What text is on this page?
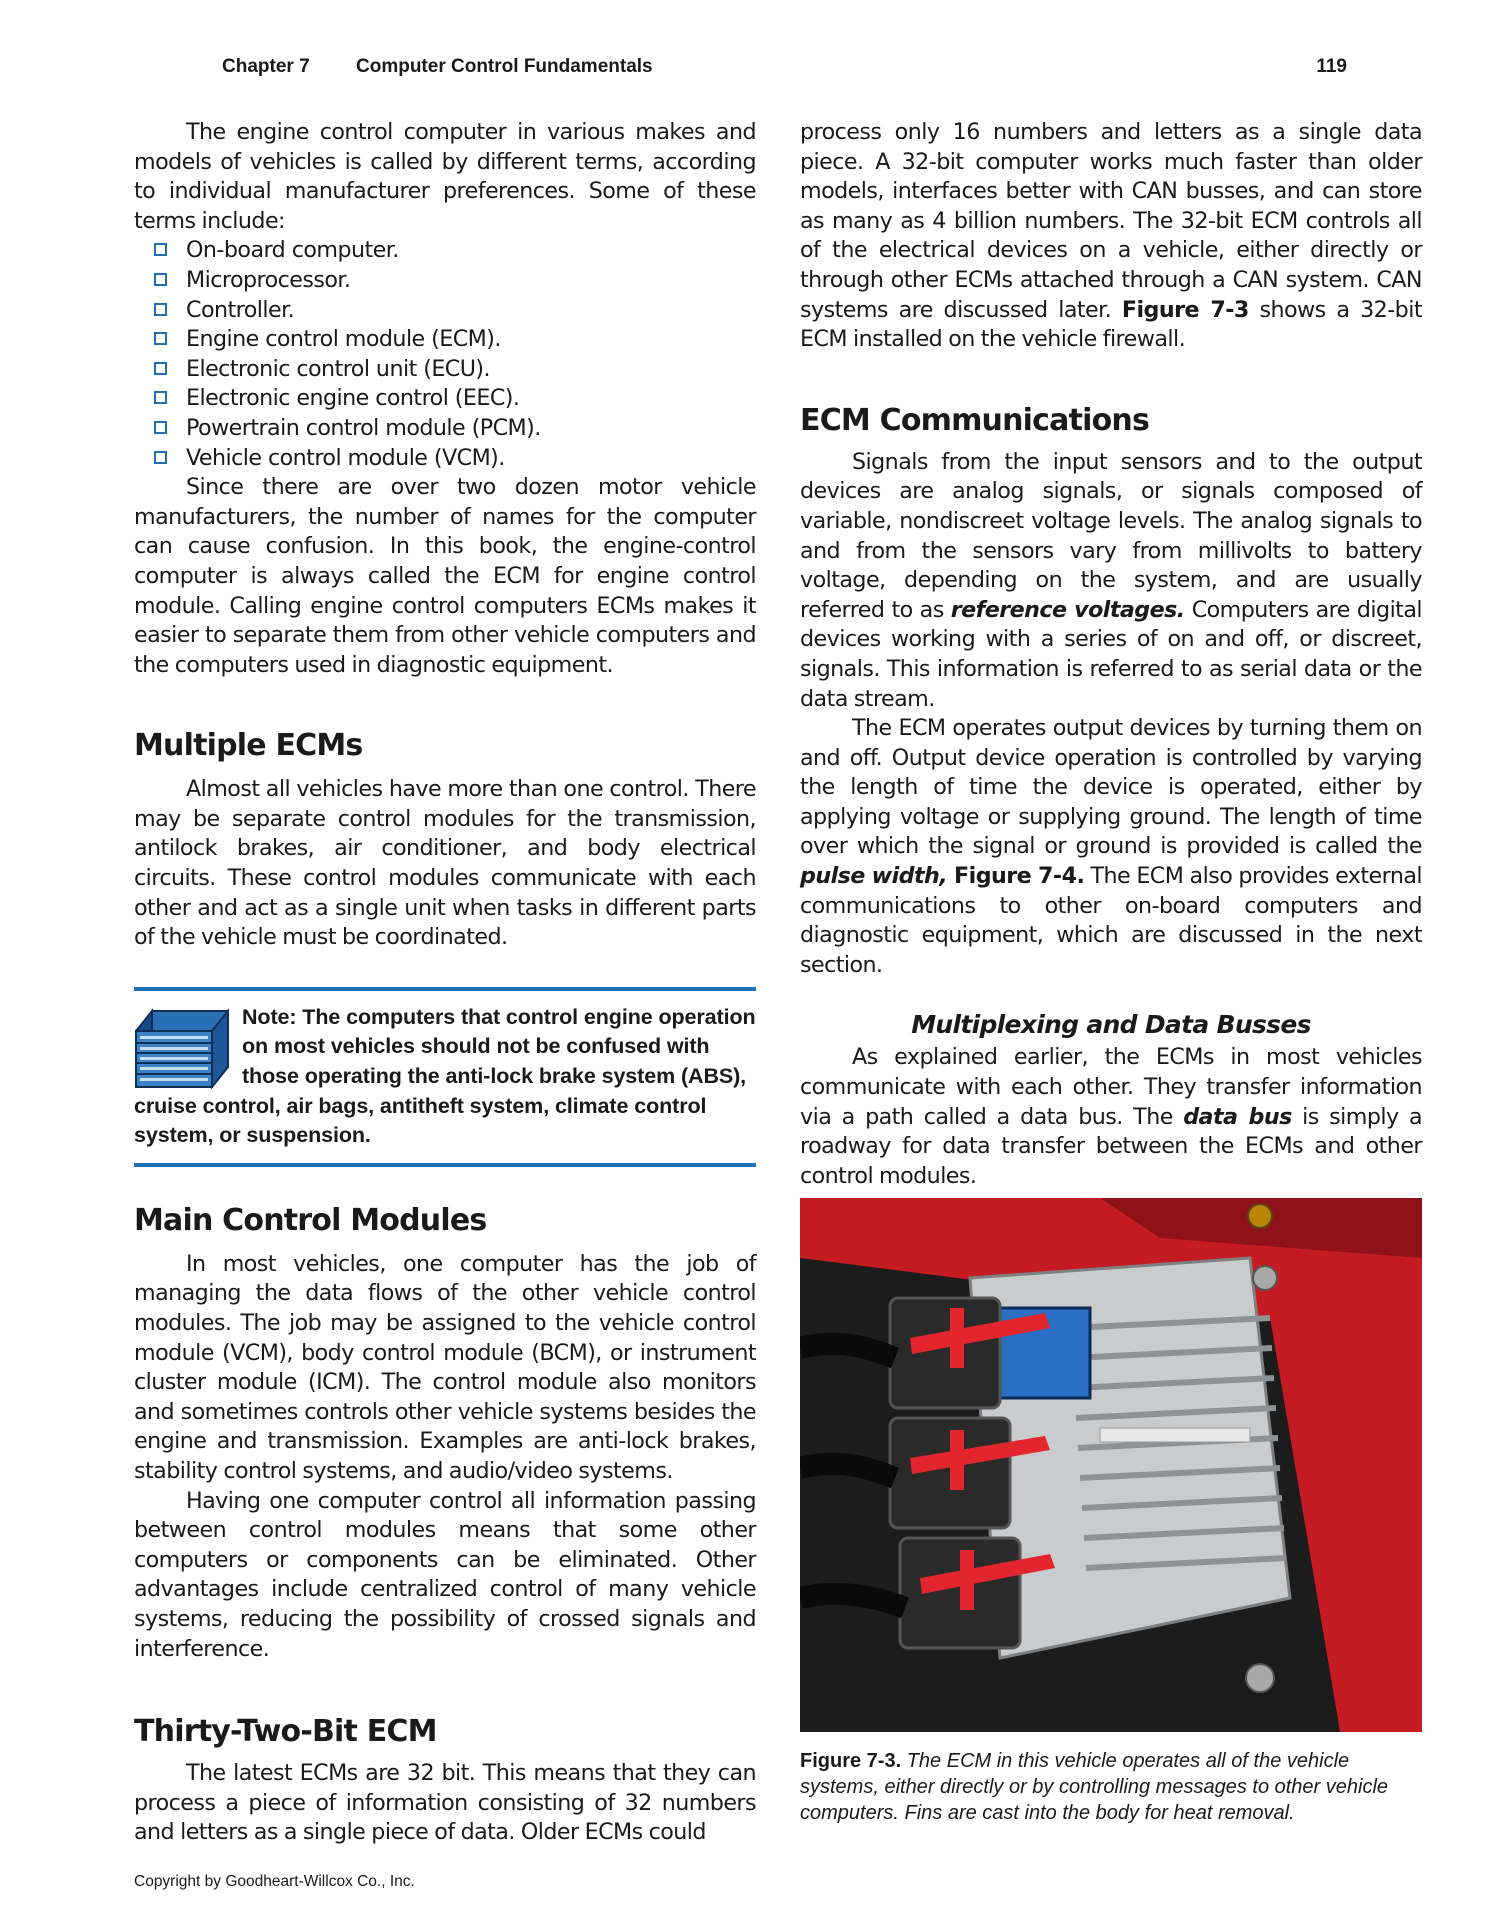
Chapter 7 Computer Control Fundamentals	119

The engine control computer in various makes and models of vehicles is called by different terms, according to individual manufacturer preferences. Some of these terms include:

On-board computer.
Microprocessor.
Controller.
Engine control module (ECM).
Electronic control unit (ECU).
Electronic engine control (EEC).
Powertrain control module (PCM).
Vehicle control module (VCM).

Since there are over two dozen motor vehicle manufacturers, the number of names for the computer can cause confusion. In this book, the engine-control computer is always called the ECM for engine control module. Calling engine control computers ECMs makes it easier to separate them from other vehicle computers and the computers used in diagnostic equipment.

Multiple ECMs

Almost all vehicles have more than one control. There may be separate control modules for the transmission, antilock brakes, air conditioner, and body electrical circuits. These control modules communicate with each other and act as a single unit when tasks in different parts of the vehicle must be coordinated.

Note: The computers that control engine operation on most vehicles should not be confused with those operating the anti-lock brake system (ABS), cruise control, air bags, antitheft system, climate control system, or suspension.
Main Control Modules

In most vehicles, one computer has the job of managing the data flows of the other vehicle control modules. The job may be assigned to the vehicle control module (VCM), body control module (BCM), or instrument cluster module (ICM). The control module also monitors and sometimes controls other vehicle systems besides the engine and transmission. Examples are anti-lock brakes, stability control systems, and audio/video systems.

Having one computer control all information passing between control modules means that some other computers or components can be eliminated. Other advantages include centralized control of many vehicle systems, reducing the possibility of crossed signals and interference.

Thirty-Two-Bit ECM

The latest ECMs are 32 bit. This means that they can process a piece of information consisting of 32 numbers and letters as a single piece of data. Older ECMs could

process only 16 numbers and letters as a single data piece. A 32-bit computer works much faster than older models, interfaces better with CAN busses, and can store as many as 4 billion numbers. The 32-bit ECM controls all of the electrical devices on a vehicle, either directly or through other ECMs attached through a CAN system. CAN systems are discussed later. Figure 7-3 shows a 32-bit ECM installed on the vehicle firewall.

ECM Communications

Signals from the input sensors and to the output devices are analog signals, or signals composed of variable, nondiscreet voltage levels. The analog signals to and from the sensors vary from millivolts to battery voltage, depending on the system, and are usually referred to as reference voltages. Computers are digital devices working with a series of on and off, or discreet, signals. This information is referred to as serial data or the data stream.

The ECM operates output devices by turning them on and off. Output device operation is controlled by varying the length of time the device is operated, either by applying voltage or supplying ground. The length of time over which the signal or ground is provided is called the pulse width, Figure 7-4. The ECM also provides external communications to other on-board computers and diagnostic equipment, which are discussed in the next section.

Multiplexing and Data Busses

As explained earlier, the ECMs in most vehicles communicate with each other. They transfer information via a path called a data bus. The data bus is simply a roadway for data transfer between the ECMs and other control modules.

Figure 7-3. The ECM in this vehicle operates all of the vehicle systems, either directly or by controlling messages to other vehicle computers. Fins are cast into the body for heat removal.
Copyright by Goodheart-Willcox Co., Inc.
